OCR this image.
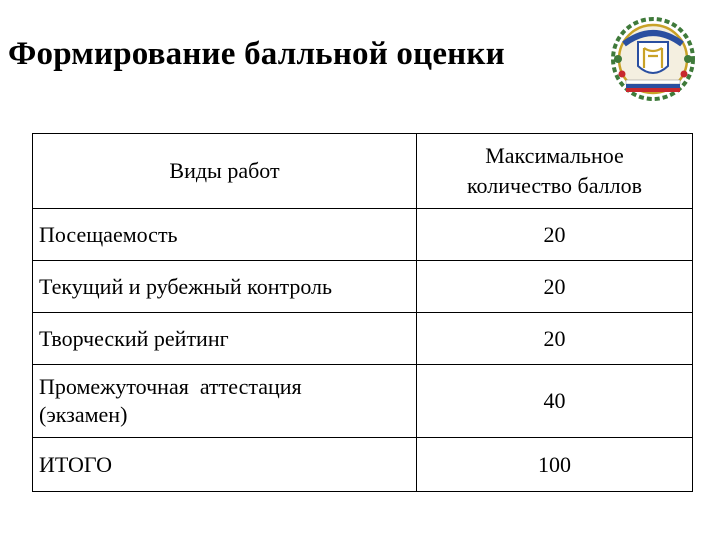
Формирование балльной оценки
Виды работ	Максимальное
количество баллов

Посещаемость	20
Текущий и рубежный контроль	20
Творческий рейтинг	20

Промежуточная  аттестация
(экзамен)	40
ИТОГО	100
